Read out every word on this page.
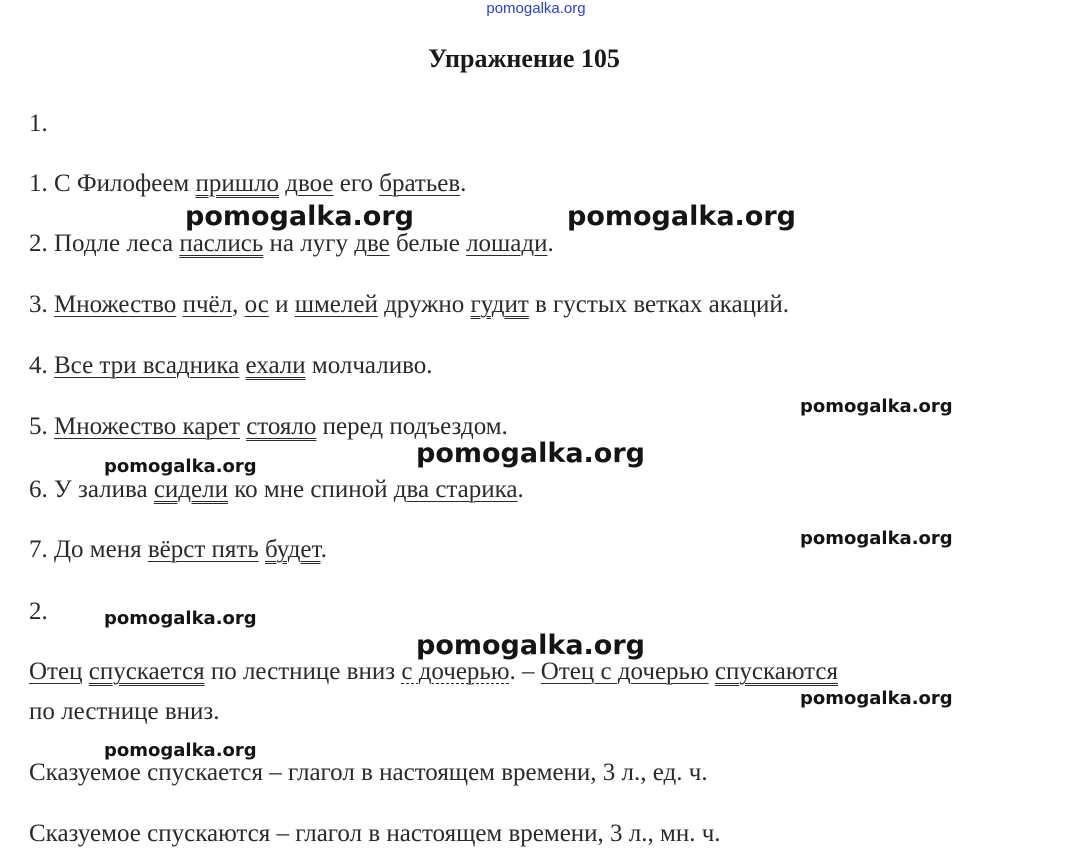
pomogalka.org
Упражнение 105
1.
1. С Филофеем пришло двое его братьев.
2. Подле леса паслись на лугу две белые лошади.
3. Множество пчёл, ос и шмелей дружно гудит в густых ветках акаций.
4. Все три всадника ехали молчаливо.
5. Множество карет стояло перед подъездом.
6. У залива сидели ко мне спиной два старика.
7. До меня вёрст пять будет.
2.
Отец спускается по лестнице вниз с дочерью. – Отец с дочерью спускаются
по лестнице вниз.
Сказуемое спускается – глагол в настоящем времени, 3 л., ед. ч.
Сказуемое спускаются – глагол в настоящем времени, 3 л., мн. ч.
pomogalka.org	pomogalka.org
pomogalka.org
pomogalka.org
pomogalka.org
pomogalka.org
pomogalka.org
pomogalka.org
pomogalka.org
pomogalka.org
